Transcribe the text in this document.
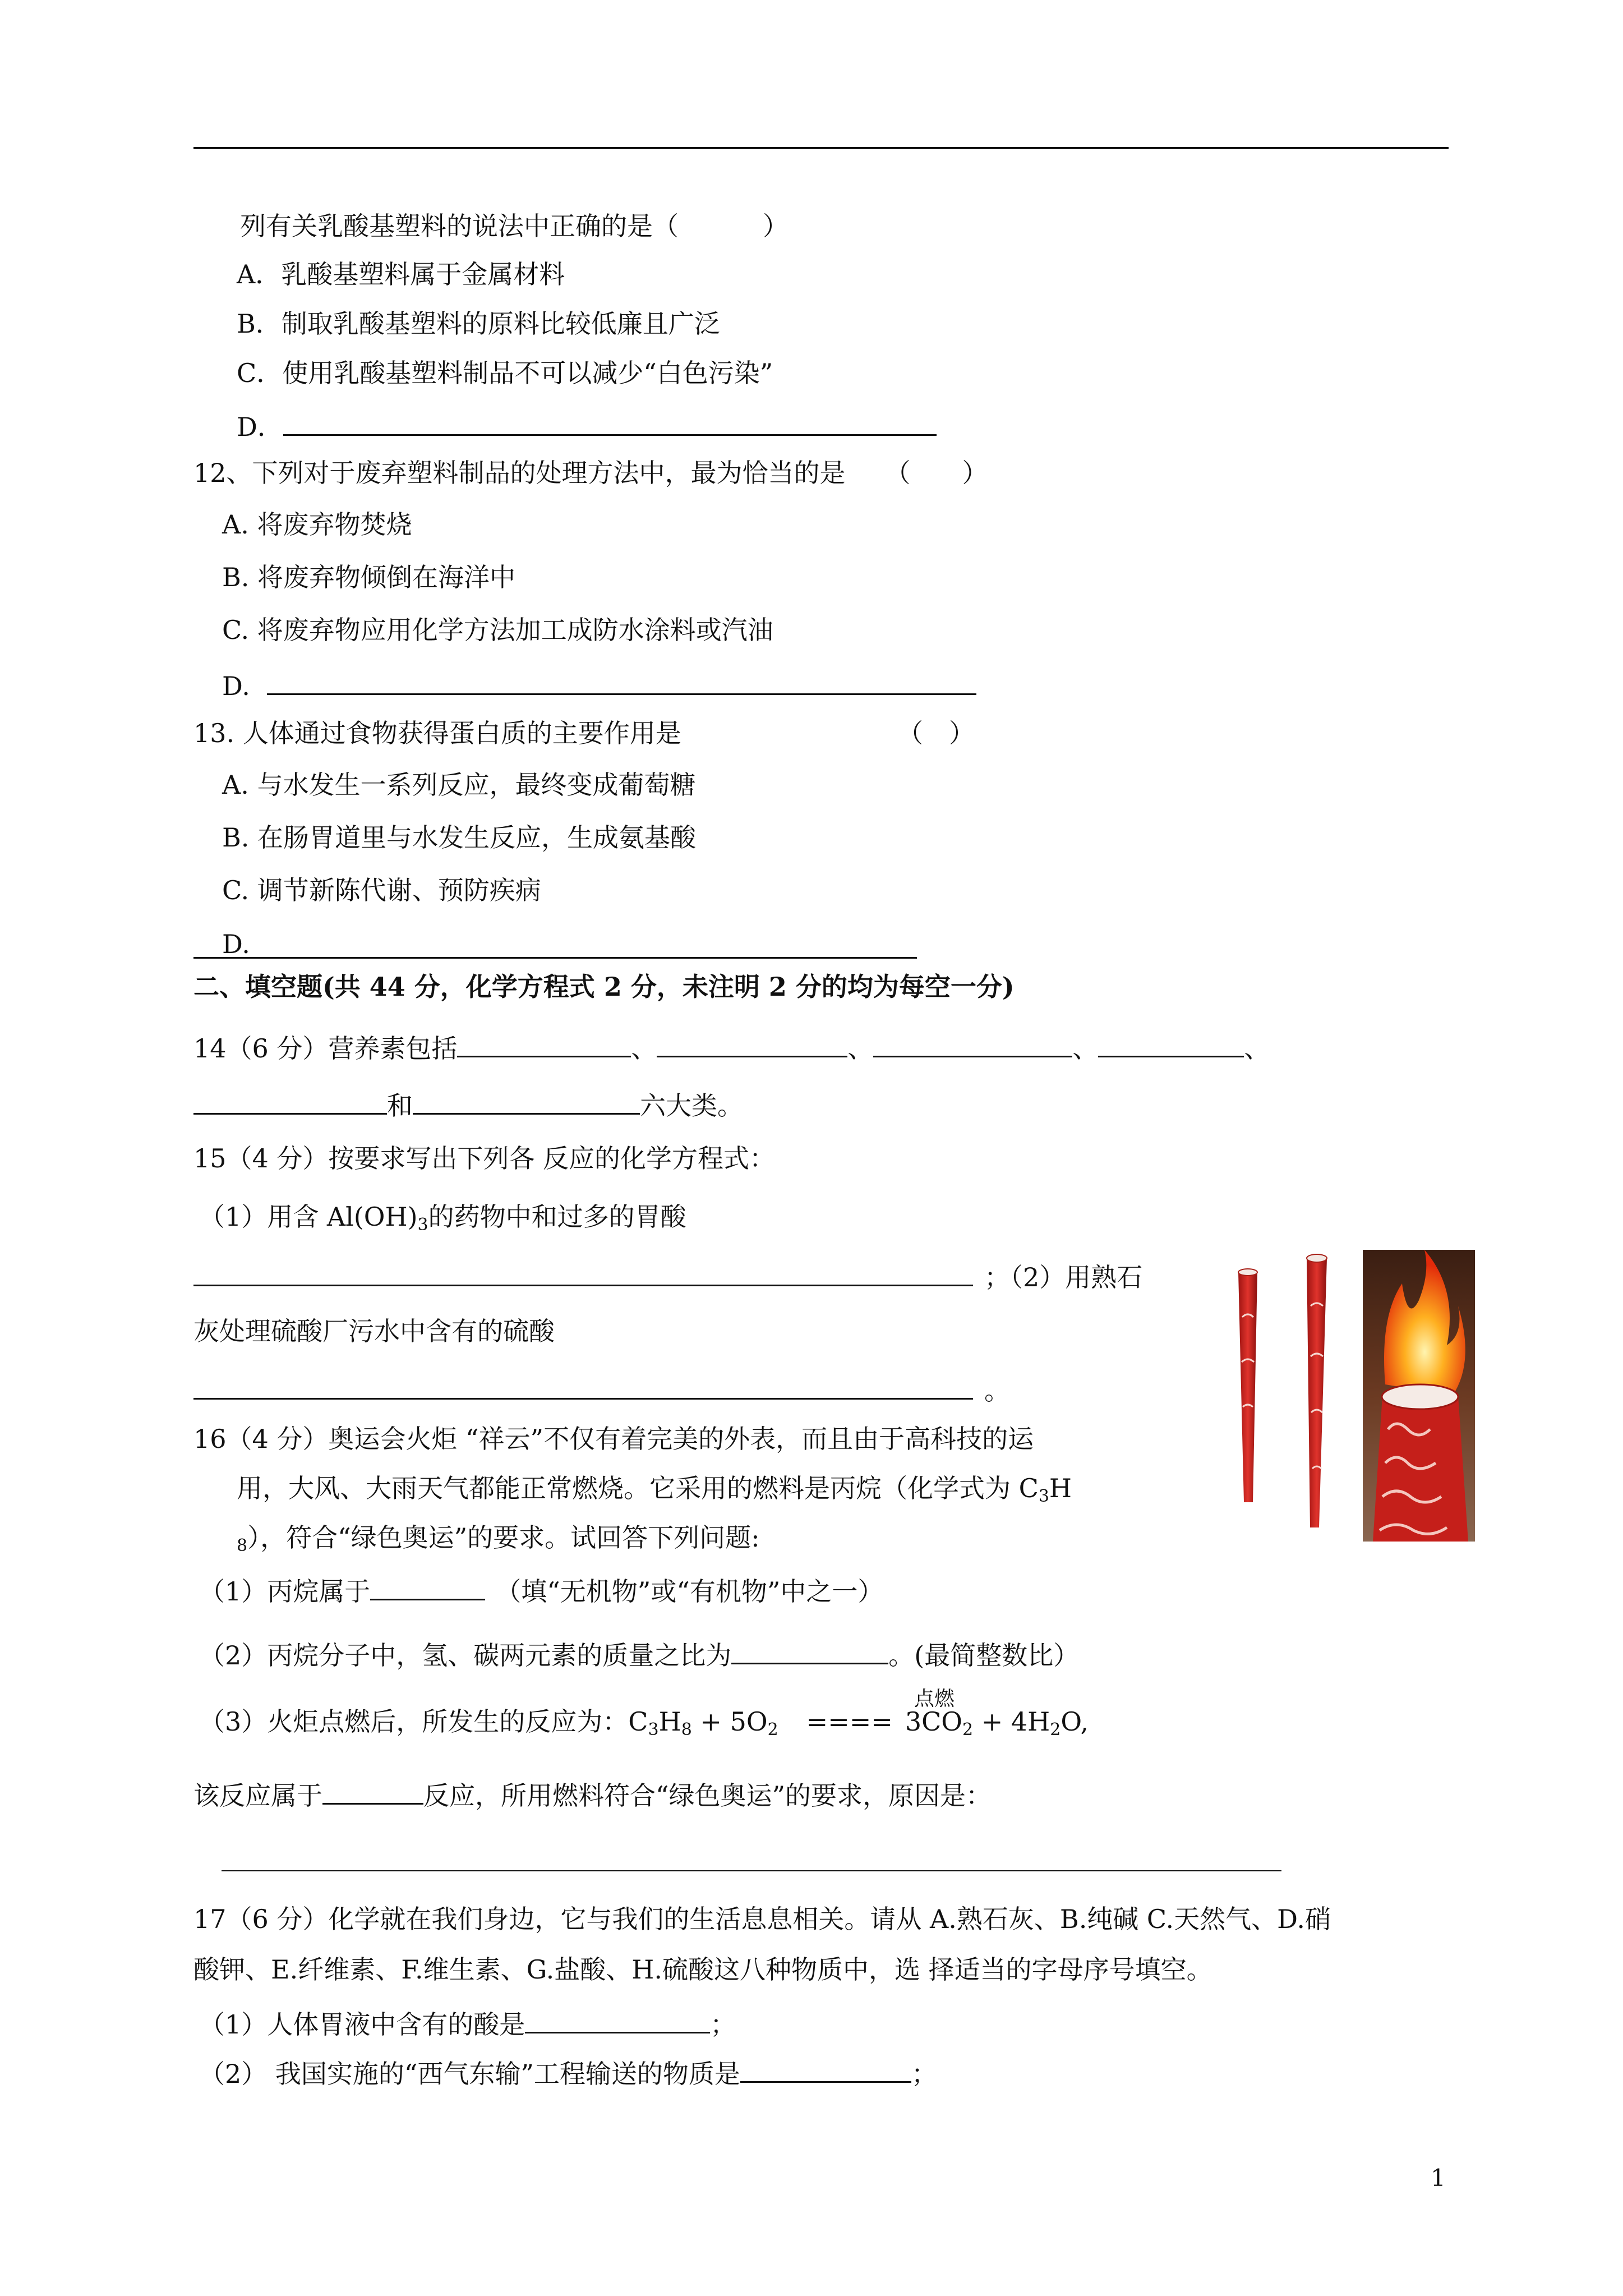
列有关乳酸基塑料的说法中正确的是（	）
A．乳酸基塑料属于金属材料
B．制取乳酸基塑料的原料比较低廉且广泛
C．使用乳酸基塑料制品不可以减少“白色污染”
D．
12、下列对于废弃塑料制品的处理方法中，最为恰当的是 （　　）
A. 将废弃物焚烧
B. 将废弃物倾倒在海洋中
C. 将废弃物应用化学方法加工成防水涂料或汽油
D.
13. 人体通过食物获得蛋白质的主要作用是	（　）
A. 与水发生一系列反应，最终变成葡萄糖
B. 在肠胃道里与水发生反应，生成氨基酸
C. 调节新陈代谢、预防疾病
D.
二、填空题(共 44 分，化学方程式 2 分，未注明 2 分的均为每空一分)
14（6 分）营养素包括	、	、	、	、
和	六大类。
15（4 分）按要求写出下列各 反应的化学方程式：
（1）用含 $Al(OH)_3$的药物中和过多的胃酸
；（2）用熟石
灰处理硫酸厂污水中含有的硫酸
。
16（4 分）奥运会火炬 “祥云”不仅有着完美的外表，而且由于高科技的运
用，大风、大雨天气都能正常燃烧。它采用的燃料是丙烷（化学式为 $C_3H$
$_8$），符合“绿色奥运”的要求。试回答下列问题:
（1）丙烷属于	（填“无机物”或“有机物”中之一）
（2）丙烷分子中，氢、碳两元素的质量之比为	。(最简整数比）
（3）火炬点燃后，所发生的反应为：$C_3H_8 + 5O_2$ ==== $3CO_2 + 4H_2O$,
点燃
该反应属于	反应，所用燃料符合“绿色奥运”的要求，原因是：
17（6 分）化学就在我们身边，它与我们的生活息息相关。请从 A.熟石灰、B.纯碱 C.天然气、D.硝
酸钾、E.纤维素、F.维生素、G.盐酸、H.硫酸这八种物质中，选 择适当的字母序号填空。
（1）人体胃液中含有的酸是	；
（2） 我国实施的“西气东输”工程输送的物质是	；
1
